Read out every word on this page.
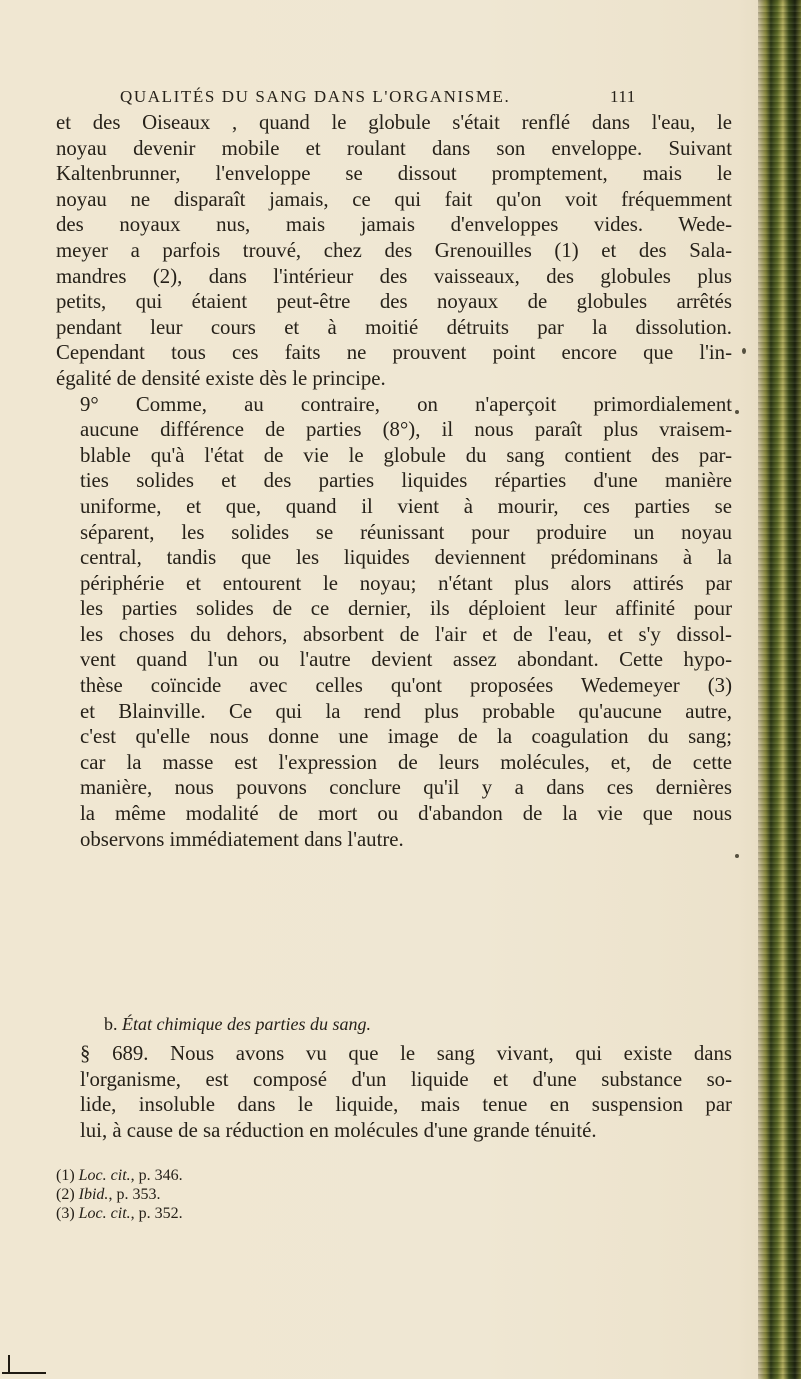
QUALITÉS DU SANG DANS L'ORGANISME.	111

et des Oiseaux , quand le globule s'était renflé dans l'eau, le
noyau devenir mobile et roulant dans son enveloppe. Suivant
Kaltenbrunner, l'enveloppe se dissout promptement, mais le
noyau ne disparaît jamais, ce qui fait qu'on voit fréquemment
des noyaux nus, mais jamais d'enveloppes vides. Wede-
meyer a parfois trouvé, chez des Grenouilles (1) et des Sala-
mandres (2), dans l'intérieur des vaisseaux, des globules plus
petits, qui étaient peut-être des noyaux de globules arrêtés
pendant leur cours et à moitié détruits par la dissolution.
Cependant tous ces faits ne prouvent point encore que l'in-
égalité de densité existe dès le principe.

9° Comme, au contraire, on n'aperçoit primordialement
aucune différence de parties (8°), il nous paraît plus vraisem-
blable qu'à l'état de vie le globule du sang contient des par-
ties solides et des parties liquides réparties d'une manière
uniforme, et que, quand il vient à mourir, ces parties se
séparent, les solides se réunissant pour produire un noyau
central, tandis que les liquides deviennent prédominans à la
périphérie et entourent le noyau; n'étant plus alors attirés par
les parties solides de ce dernier, ils déploient leur affinité pour
les choses du dehors, absorbent de l'air et de l'eau, et s'y dissol-
vent quand l'un ou l'autre devient assez abondant. Cette hypo-
thèse coïncide avec celles qu'ont proposées Wedemeyer (3)
et Blainville. Ce qui la rend plus probable qu'aucune autre,
c'est qu'elle nous donne une image de la coagulation du sang;
car la masse est l'expression de leurs molécules, et, de cette
manière, nous pouvons conclure qu'il y a dans ces dernières
la même modalité de mort ou d'abandon de la vie que nous
observons immédiatement dans l'autre.

b. État chimique des parties du sang.

§ 689. Nous avons vu que le sang vivant, qui existe dans
l'organisme, est composé d'un liquide et d'une substance so-
lide, insoluble dans le liquide, mais tenue en suspension par
lui, à cause de sa réduction en molécules d'une grande ténuité.

(1) Loc. cit., p. 346.
(2) Ibid., p. 353.
(3) Loc. cit., p. 352.
